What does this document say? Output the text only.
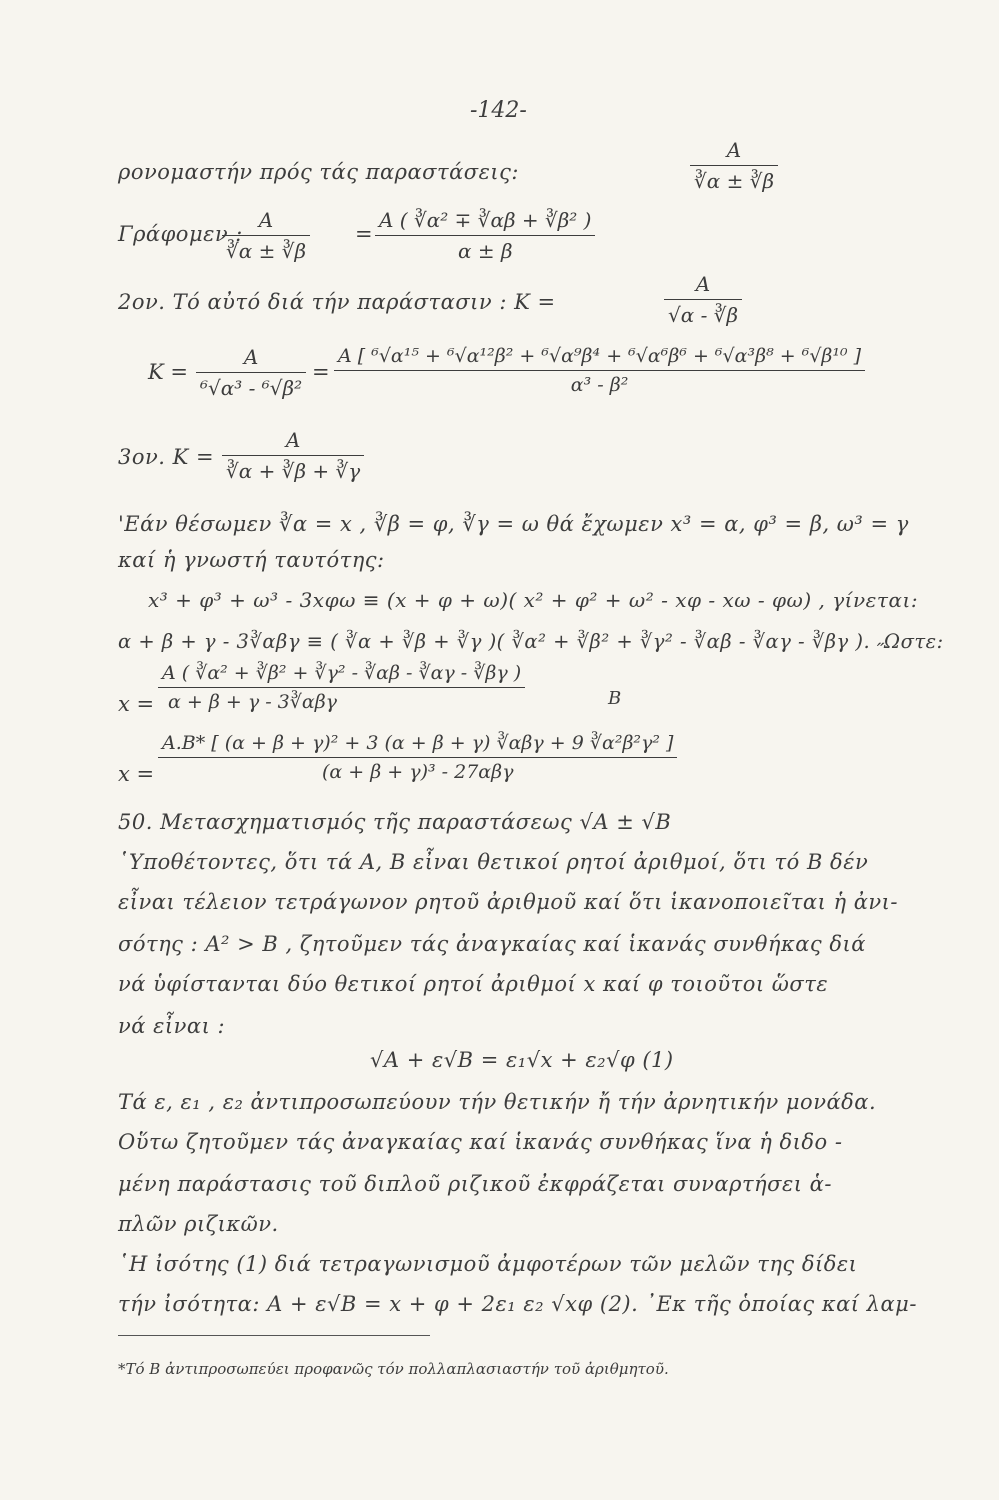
-142-
ρονομαστήν πρός τάς παραστάσεις:	$\frac{A}{∛\alpha \pm ∛\beta}$
Γράφομεν :
$\frac{A}{∛\alpha \pm ∛\beta} = \frac{\text{A ( ∛α² ∓ ∛αβ + ∛β² )}}{\alpha \pm \beta}$
2ον. Τό αὐτό διά τήν παράστασιν : K =	$\frac{A}{√\alpha - ∛\beta}$
$K = \frac{A}{\text{⁶√α³ - ⁶√β²}} = \frac{\text{A [ ⁶√α¹⁵ + ⁶√α¹²β² + ⁶√α⁹β⁴ + ⁶√α⁶β⁶ + ⁶√α³β⁸ + ⁶√β¹⁰ ]}}{\text{α³ - β²}}$
3ον. $K = \frac{A}{∛\alpha + ∛\beta + ∛\gamma}$
'Εάν θέσωμεν ∛α = x , ∛β = φ, ∛γ = ω θά ἔχωμεν x³ = α, φ³ = β, ω³ = γ
καί ἡ γνωστή ταυτότης:
x³ + φ³ + ω³ - 3xφω ≡ (x + φ + ω)( x² + φ² + ω² - xφ - xω - φω) , γίνεται:
α + β + γ - 3∛αβγ ≡ ( ∛α + ∛β + ∛γ )( ∛α² + ∛β² + ∛γ² - ∛αβ - ∛αγ - ∛βγ ). ˶Ωστε:
x =
A ( ∛α² + ∛β² + ∛γ² - ∛αβ - ∛αγ - ∛βγ )
α + β + γ - 3∛αβγ	B
x =
A.B* [ (α + β + γ)² + 3 (α + β + γ) ∛αβγ + 9 ∛α²β²γ² ]
(α + β + γ)³ - 27αβγ
50. Μετασχηματισμός τῆς παραστάσεως √A ± √B
῾Υποθέτοντες, ὅτι τά A, B εἶναι θετικοί ρητοί ἀριθμοί, ὅτι τό B δέν
εἶναι τέλειον τετράγωνον ρητοῦ ἀριθμοῦ καί ὅτι ἱκανοποιεῖται ἡ ἀνι-
σότης : A² > B , ζητοῦμεν τάς ἀναγκαίας καί ἱκανάς συνθήκας διά
νά ὑφίστανται δύο θετικοί ρητοί ἀριθμοί x καί φ τοιοῦτοι ὥστε
νά εἶναι :
√A + ε√B = ε₁√x + ε₂√φ (1)
Τά ε, ε₁ , ε₂ ἀντιπροσωπεύουν τήν θετικήν ἤ τήν ἀρνητικήν μονάδα.
Οὕτω ζητοῦμεν τάς ἀναγκαίας καί ἱκανάς συνθήκας ἵνα ἡ διδο -
μένη παράστασις τοῦ διπλοῦ ριζικοῦ ἐκφράζεται συναρτήσει ἁ-
πλῶν ριζικῶν.
῾Η ἰσότης (1) διά τετραγωνισμοῦ ἀμφοτέρων τῶν μελῶν της δίδει
τήν ἰσότητα: A + ε√B = x + φ + 2ε₁ ε₂ √xφ (2). ᾽Εκ τῆς ὁποίας καί λαμ-
*Τό B ἀντιπροσωπεύει προφανῶς τόν πολλαπλασιαστήν τοῦ ἀριθμητοῦ.
